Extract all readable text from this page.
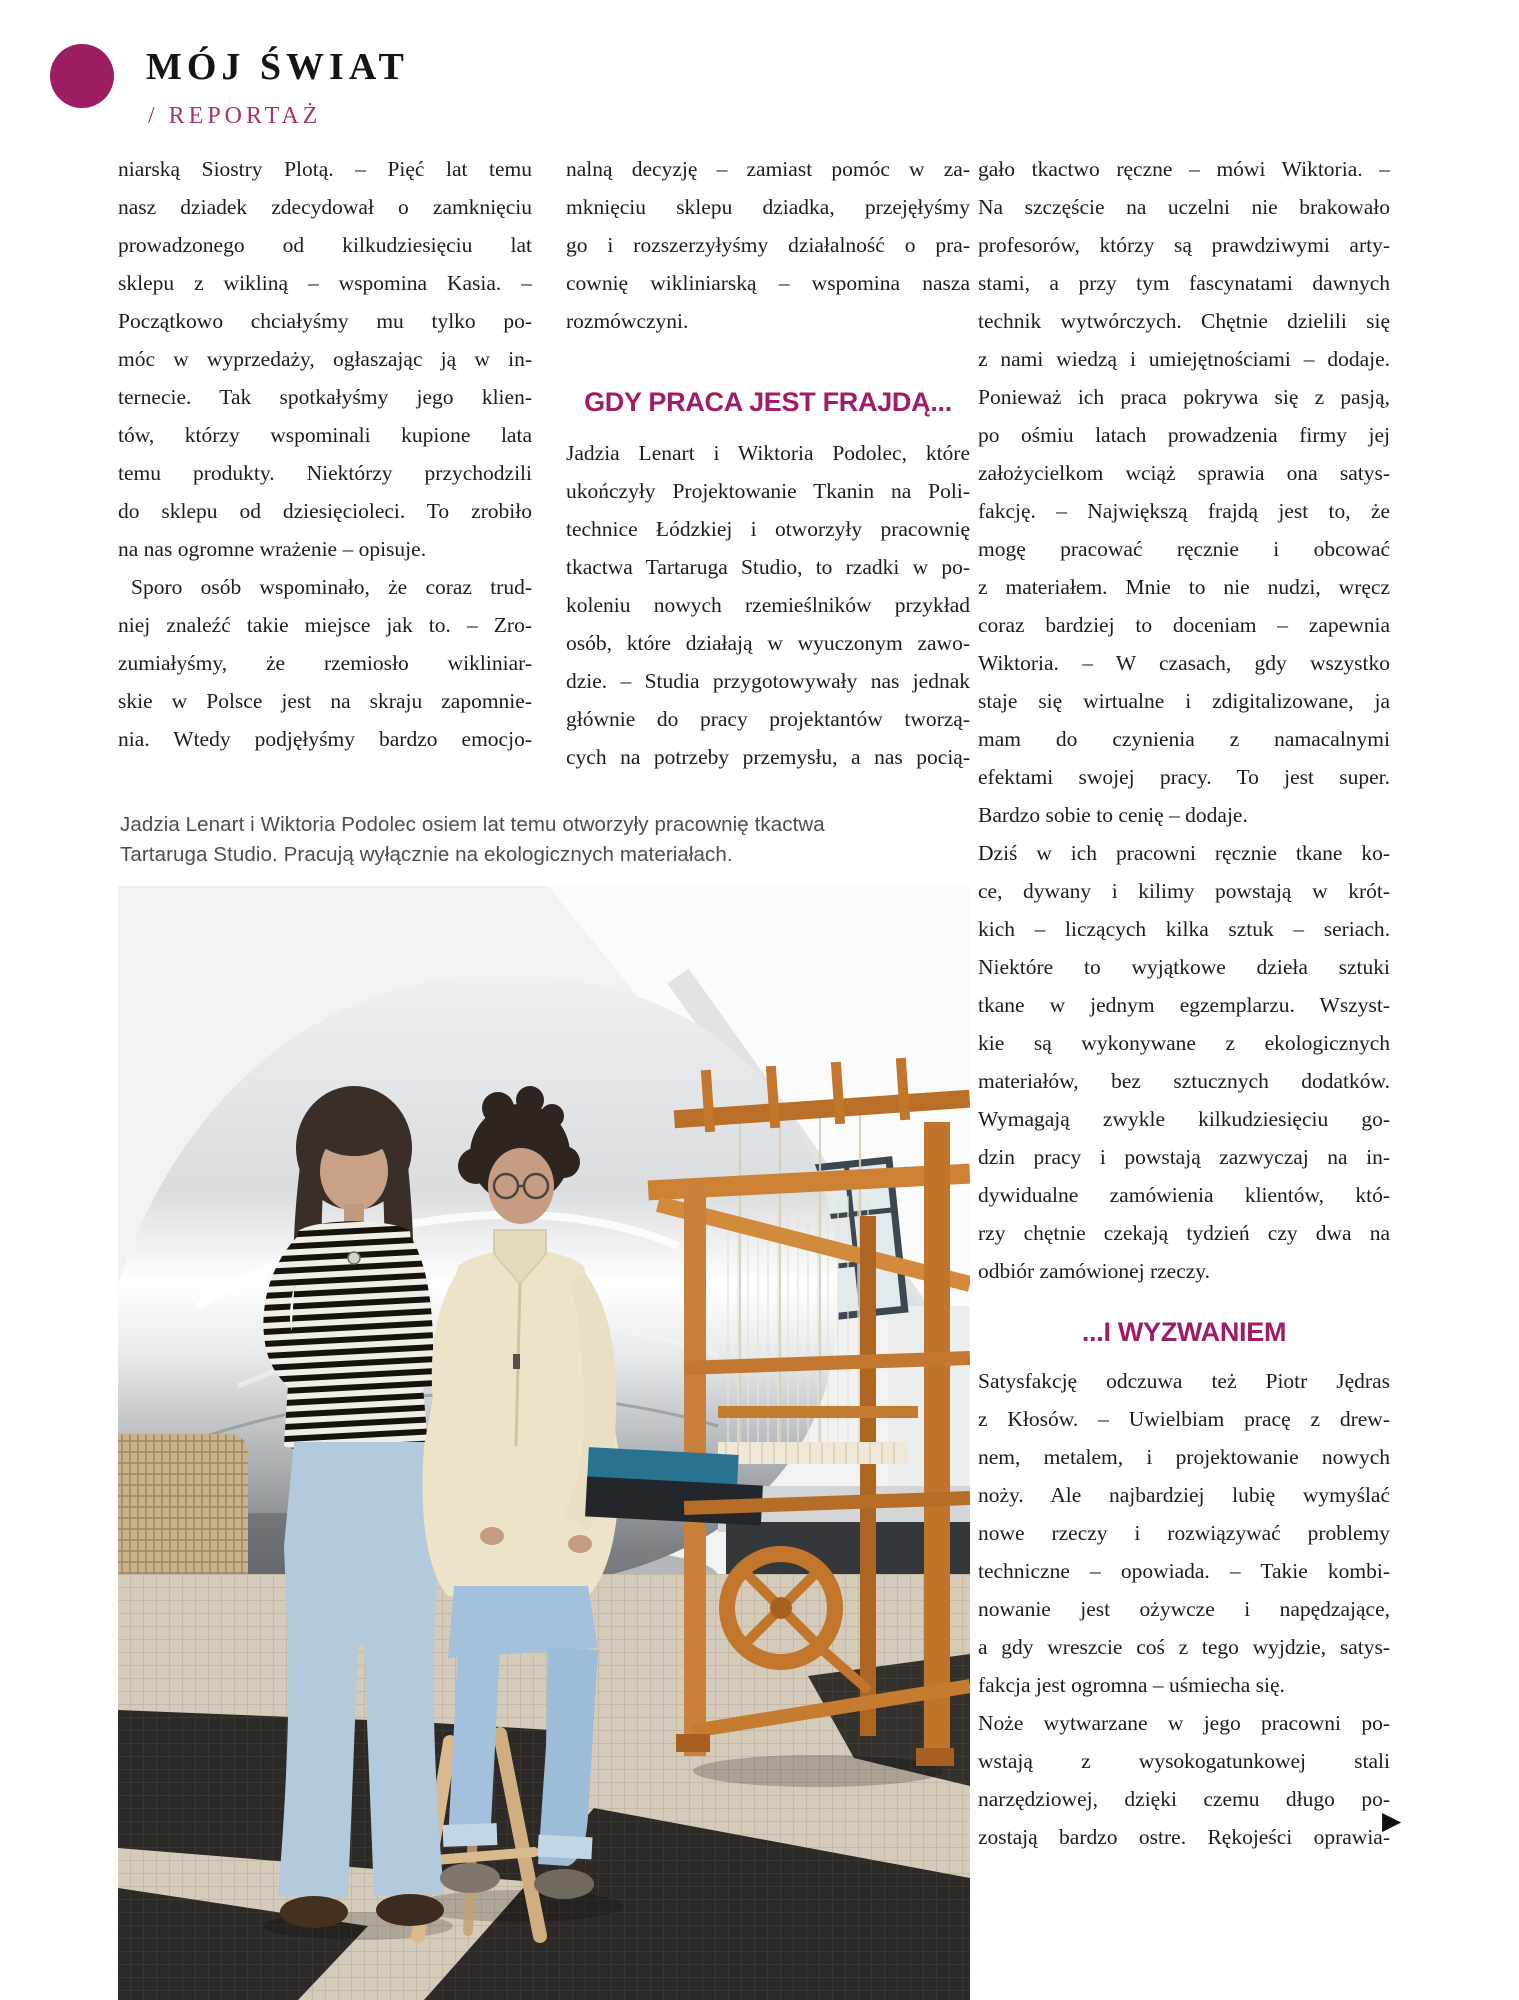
MÓJ ŚWIAT
/ REPORTAŻ
niarską Siostry Plotą. – Pięć lat temu
nasz dziadek zdecydował o zamknięciu
prowadzonego od kilkudziesięciu lat
sklepu z wikliną – wspomina Kasia. –
Początkowo chciałyśmy mu tylko po-
móc w wyprzedaży, ogłaszając ją w in-
ternecie. Tak spotkałyśmy jego klien-
tów, którzy wspominali kupione lata
temu produkty. Niektórzy przychodzili
do sklepu od dziesięcioleci. To zrobiło
na nas ogromne wrażenie – opisuje.
Sporo osób wspominało, że coraz trud-
niej znaleźć takie miejsce jak to. – Zro-
zumiałyśmy, że rzemiosło wikliniar-
skie w Polsce jest na skraju zapomnie-
nia. Wtedy podjęłyśmy bardzo emocjo-
nalną decyzję – zamiast pomóc w za-
mknięciu sklepu dziadka, przejęłyśmy
go i rozszerzyłyśmy działalność o pra-
cownię wikliniarską – wspomina nasza
rozmówczyni.
GDY PRACA JEST FRAJDĄ...
Jadzia Lenart i Wiktoria Podolec, które
ukończyły Projektowanie Tkanin na Poli-
technice Łódzkiej i otworzyły pracownię
tkactwa Tartaruga Studio, to rzadki w po-
koleniu nowych rzemieślników przykład
osób, które działają w wyuczonym zawo-
dzie. – Studia przygotowywały nas jednak
głównie do pracy projektantów tworzą-
cych na potrzeby przemysłu, a nas pocią-
gało tkactwo ręczne – mówi Wiktoria. –
Na szczęście na uczelni nie brakowało
profesorów, którzy są prawdziwymi arty-
stami, a przy tym fascynatami dawnych
technik wytwórczych. Chętnie dzielili się
z nami wiedzą i umiejętnościami – dodaje.
Ponieważ ich praca pokrywa się z pasją,
po ośmiu latach prowadzenia firmy jej
założycielkom wciąż sprawia ona satys-
fakcję. – Największą frajdą jest to, że
mogę pracować ręcznie i obcować
z materiałem. Mnie to nie nudzi, wręcz
coraz bardziej to doceniam – zapewnia
Wiktoria. – W czasach, gdy wszystko
staje się wirtualne i zdigitalizowane, ja
mam do czynienia z namacalnymi
efektami swojej pracy. To jest super.
Bardzo sobie to cenię – dodaje.
Dziś w ich pracowni ręcznie tkane ko-
ce, dywany i kilimy powstają w krót-
kich – liczących kilka sztuk – seriach.
Niektóre to wyjątkowe dzieła sztuki
tkane w jednym egzemplarzu. Wszyst-
kie są wykonywane z ekologicznych
materiałów, bez sztucznych dodatków.
Wymagają zwykle kilkudziesięciu go-
dzin pracy i powstają zazwyczaj na in-
dywidualne zamówienia klientów, któ-
rzy chętnie czekają tydzień czy dwa na
odbiór zamówionej rzeczy.
...I WYZWANIEM
Satysfakcję odczuwa też Piotr Jędras
z Kłosów. – Uwielbiam pracę z drew-
nem, metalem, i projektowanie nowych
noży. Ale najbardziej lubię wymyślać
nowe rzeczy i rozwiązywać problemy
techniczne – opowiada. – Takie kombi-
nowanie jest ożywcze i napędzające,
a gdy wreszcie coś z tego wyjdzie, satys-
fakcja jest ogromna – uśmiecha się.
Noże wytwarzane w jego pracowni po-
wstają z wysokogatunkowej stali
narzędziowej, dzięki czemu długo po-
zostają bardzo ostre. Rękojeści oprawia-
Jadzia Lenart i Wiktoria Podolec osiem lat temu otworzyły pracownię tkactwa
Tartaruga Studio. Pracują wyłącznie na ekologicznych materiałach.
▶
